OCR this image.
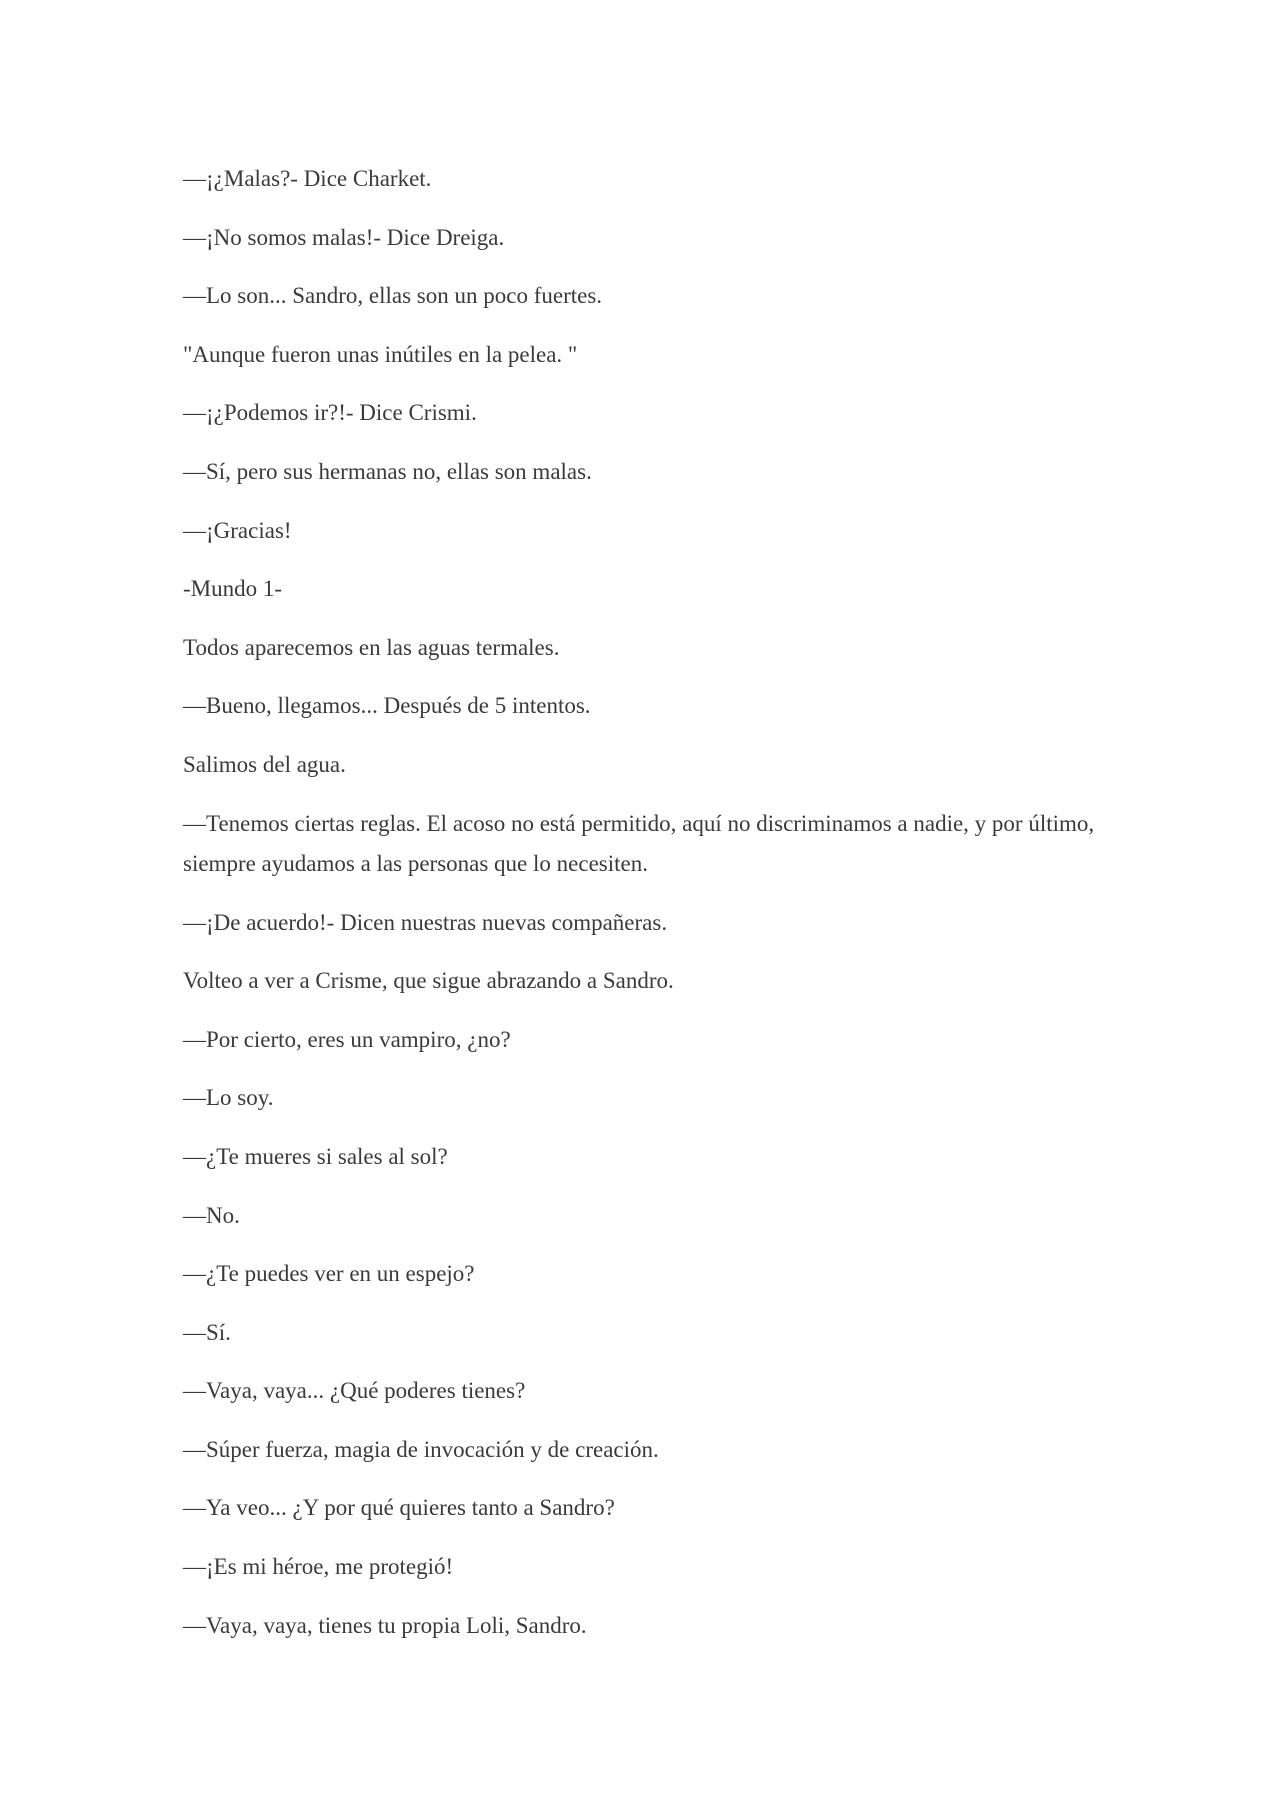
—¡¿Malas?- Dice Charket.

—¡No somos malas!- Dice Dreiga.

—Lo son... Sandro, ellas son un poco fuertes.

"Aunque fueron unas inútiles en la pelea. "

—¡¿Podemos ir?!- Dice Crismi.

—Sí, pero sus hermanas no, ellas son malas.

—¡Gracias!

-Mundo 1-

Todos aparecemos en las aguas termales.

—Bueno, llegamos... Después de 5 intentos.

Salimos del agua.

—Tenemos ciertas reglas. El acoso no está permitido, aquí no discriminamos a nadie, y por último, siempre ayudamos a las personas que lo necesiten.

—¡De acuerdo!- Dicen nuestras nuevas compañeras.

Volteo a ver a Crisme, que sigue abrazando a Sandro.

—Por cierto, eres un vampiro, ¿no?

—Lo soy.

—¿Te mueres si sales al sol?

—No.

—¿Te puedes ver en un espejo?

—Sí.

—Vaya, vaya... ¿Qué poderes tienes?

—Súper fuerza, magia de invocación y de creación.

—Ya veo... ¿Y por qué quieres tanto a Sandro?

—¡Es mi héroe, me protegió!

—Vaya, vaya, tienes tu propia Loli, Sandro.
